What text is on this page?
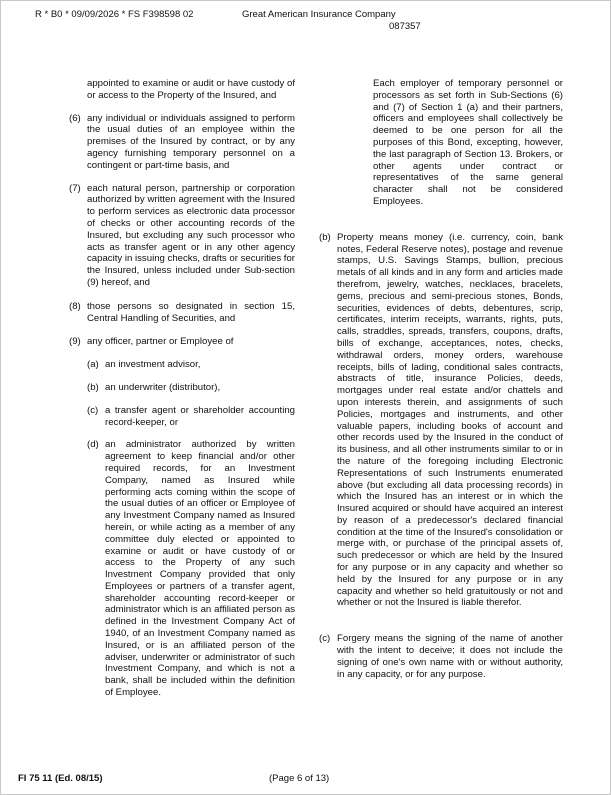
R * B0 * 09/09/2026 * FS F398598 02	Great American Insurance Company
087357
appointed to examine or audit or have custody of or access to the Property of the Insured, and
(6) any individual or individuals assigned to perform the usual duties of an employee within the premises of the Insured by contract, or by any agency furnishing temporary personnel on a contingent or part-time basis, and
(7) each natural person, partnership or corporation authorized by written agreement with the Insured to perform services as electronic data processor of checks or other accounting records of the Insured, but excluding any such processor who acts as transfer agent or in any other agency capacity in issuing checks, drafts or securities for the Insured, unless included under Sub-section (9) hereof, and
(8) those persons so designated in section 15, Central Handling of Securities, and
(9) any officer, partner or Employee of
(a) an investment advisor,
(b) an underwriter (distributor),
(c) a transfer agent or shareholder accounting record-keeper, or
(d) an administrator authorized by written agreement to keep financial and/or other required records, for an Investment Company, named as Insured while performing acts coming within the scope of the usual duties of an officer or Employee of any Investment Company named as Insured herein, or while acting as a member of any committee duly elected or appointed to examine or audit or have custody of or access to the Property of any such Investment Company provided that only Employees or partners of a transfer agent, shareholder accounting record-keeper or administrator which is an affiliated person as defined in the Investment Company Act of 1940, of an Investment Company named as Insured, or is an affiliated person of the adviser, underwriter or administrator of such Investment Company, and which is not a bank, shall be included within the definition of Employee.
Each employer of temporary personnel or processors as set forth in Sub-Sections (6) and (7) of Section 1 (a) and their partners, officers and employees shall collectively be deemed to be one person for all the purposes of this Bond, excepting, however, the last paragraph of Section 13. Brokers, or other agents under contract or representatives of the same general character shall not be considered Employees.
(b) Property means money (i.e. currency, coin, bank notes, Federal Reserve notes), postage and revenue stamps, U.S. Savings Stamps, bullion, precious metals of all kinds and in any form and articles made therefrom, jewelry, watches, necklaces, bracelets, gems, precious and semi-precious stones, Bonds, securities, evidences of debts, debentures, scrip, certificates, interim receipts, warrants, rights, puts, calls, straddles, spreads, transfers, coupons, drafts, bills of exchange, acceptances, notes, checks, withdrawal orders, money orders, warehouse receipts, bills of lading, conditional sales contracts, abstracts of title, insurance Policies, deeds, mortgages under real estate and/or chattels and upon interests therein, and assignments of such Policies, mortgages and instruments, and other valuable papers, including books of account and other records used by the Insured in the conduct of its business, and all other instruments similar to or in the nature of the foregoing including Electronic Representations of such Instruments enumerated above (but excluding all data processing records) in which the Insured has an interest or in which the Insured acquired or should have acquired an interest by reason of a predecessor's declared financial condition at the time of the Insured's consolidation or merge with, or purchase of the principal assets of, such predecessor or which are held by the Insured for any purpose or in any capacity and whether so held by the Insured for any purpose or in any capacity and whether so held gratuitously or not and whether or not the Insured is liable therefor.
(c) Forgery means the signing of the name of another with the intent to deceive; it does not include the signing of one's own name with or without authority, in any capacity, or for any purpose.
FI 75 11 (Ed. 08/15)	(Page 6 of 13)
